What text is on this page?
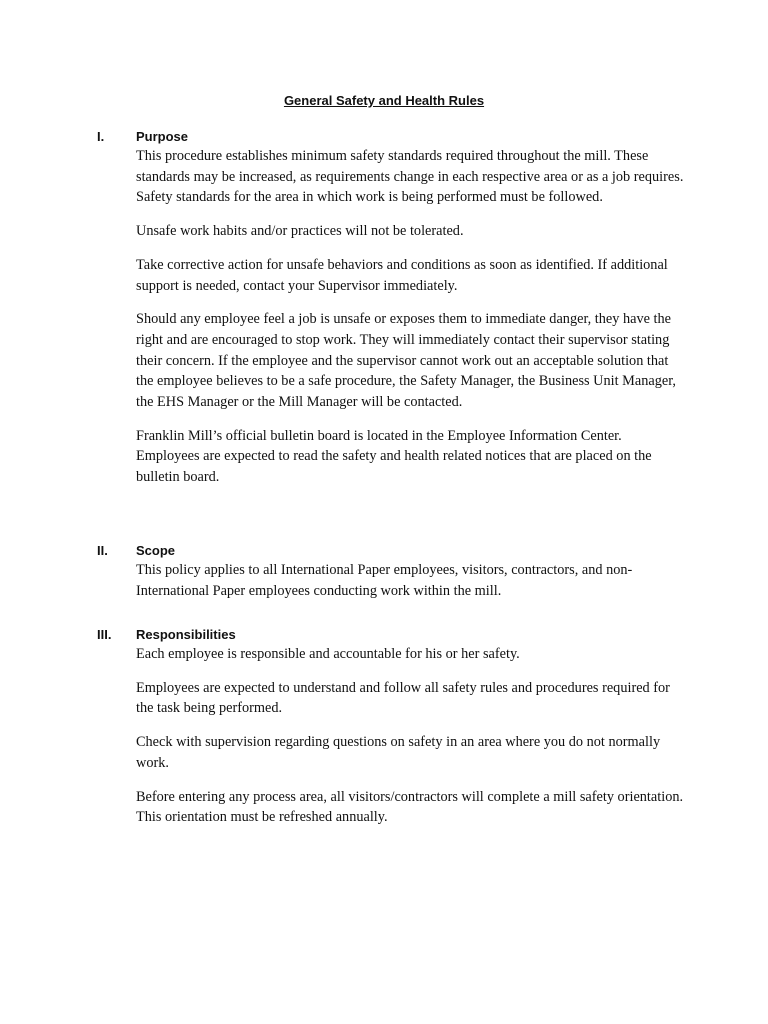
General Safety and Health Rules
I. Purpose

This procedure establishes minimum safety standards required throughout the mill. These standards may be increased, as requirements change in each respective area or as a job requires. Safety standards for the area in which work is being performed must be followed.

Unsafe work habits and/or practices will not be tolerated.

Take corrective action for unsafe behaviors and conditions as soon as identified. If additional support is needed, contact your Supervisor immediately.

Should any employee feel a job is unsafe or exposes them to immediate danger, they have the right and are encouraged to stop work. They will immediately contact their supervisor stating their concern. If the employee and the supervisor cannot work out an acceptable solution that the employee believes to be a safe procedure, the Safety Manager, the Business Unit Manager, the EHS Manager or the Mill Manager will be contacted.

Franklin Mill’s official bulletin board is located in the Employee Information Center. Employees are expected to read the safety and health related notices that are placed on the bulletin board.

II. Scope

This policy applies to all International Paper employees, visitors, contractors, and non-International Paper employees conducting work within the mill.

III. Responsibilities

Each employee is responsible and accountable for his or her safety.

Employees are expected to understand and follow all safety rules and procedures required for the task being performed.

Check with supervision regarding questions on safety in an area where you do not normally work.

Before entering any process area, all visitors/contractors will complete a mill safety orientation. This orientation must be refreshed annually.
